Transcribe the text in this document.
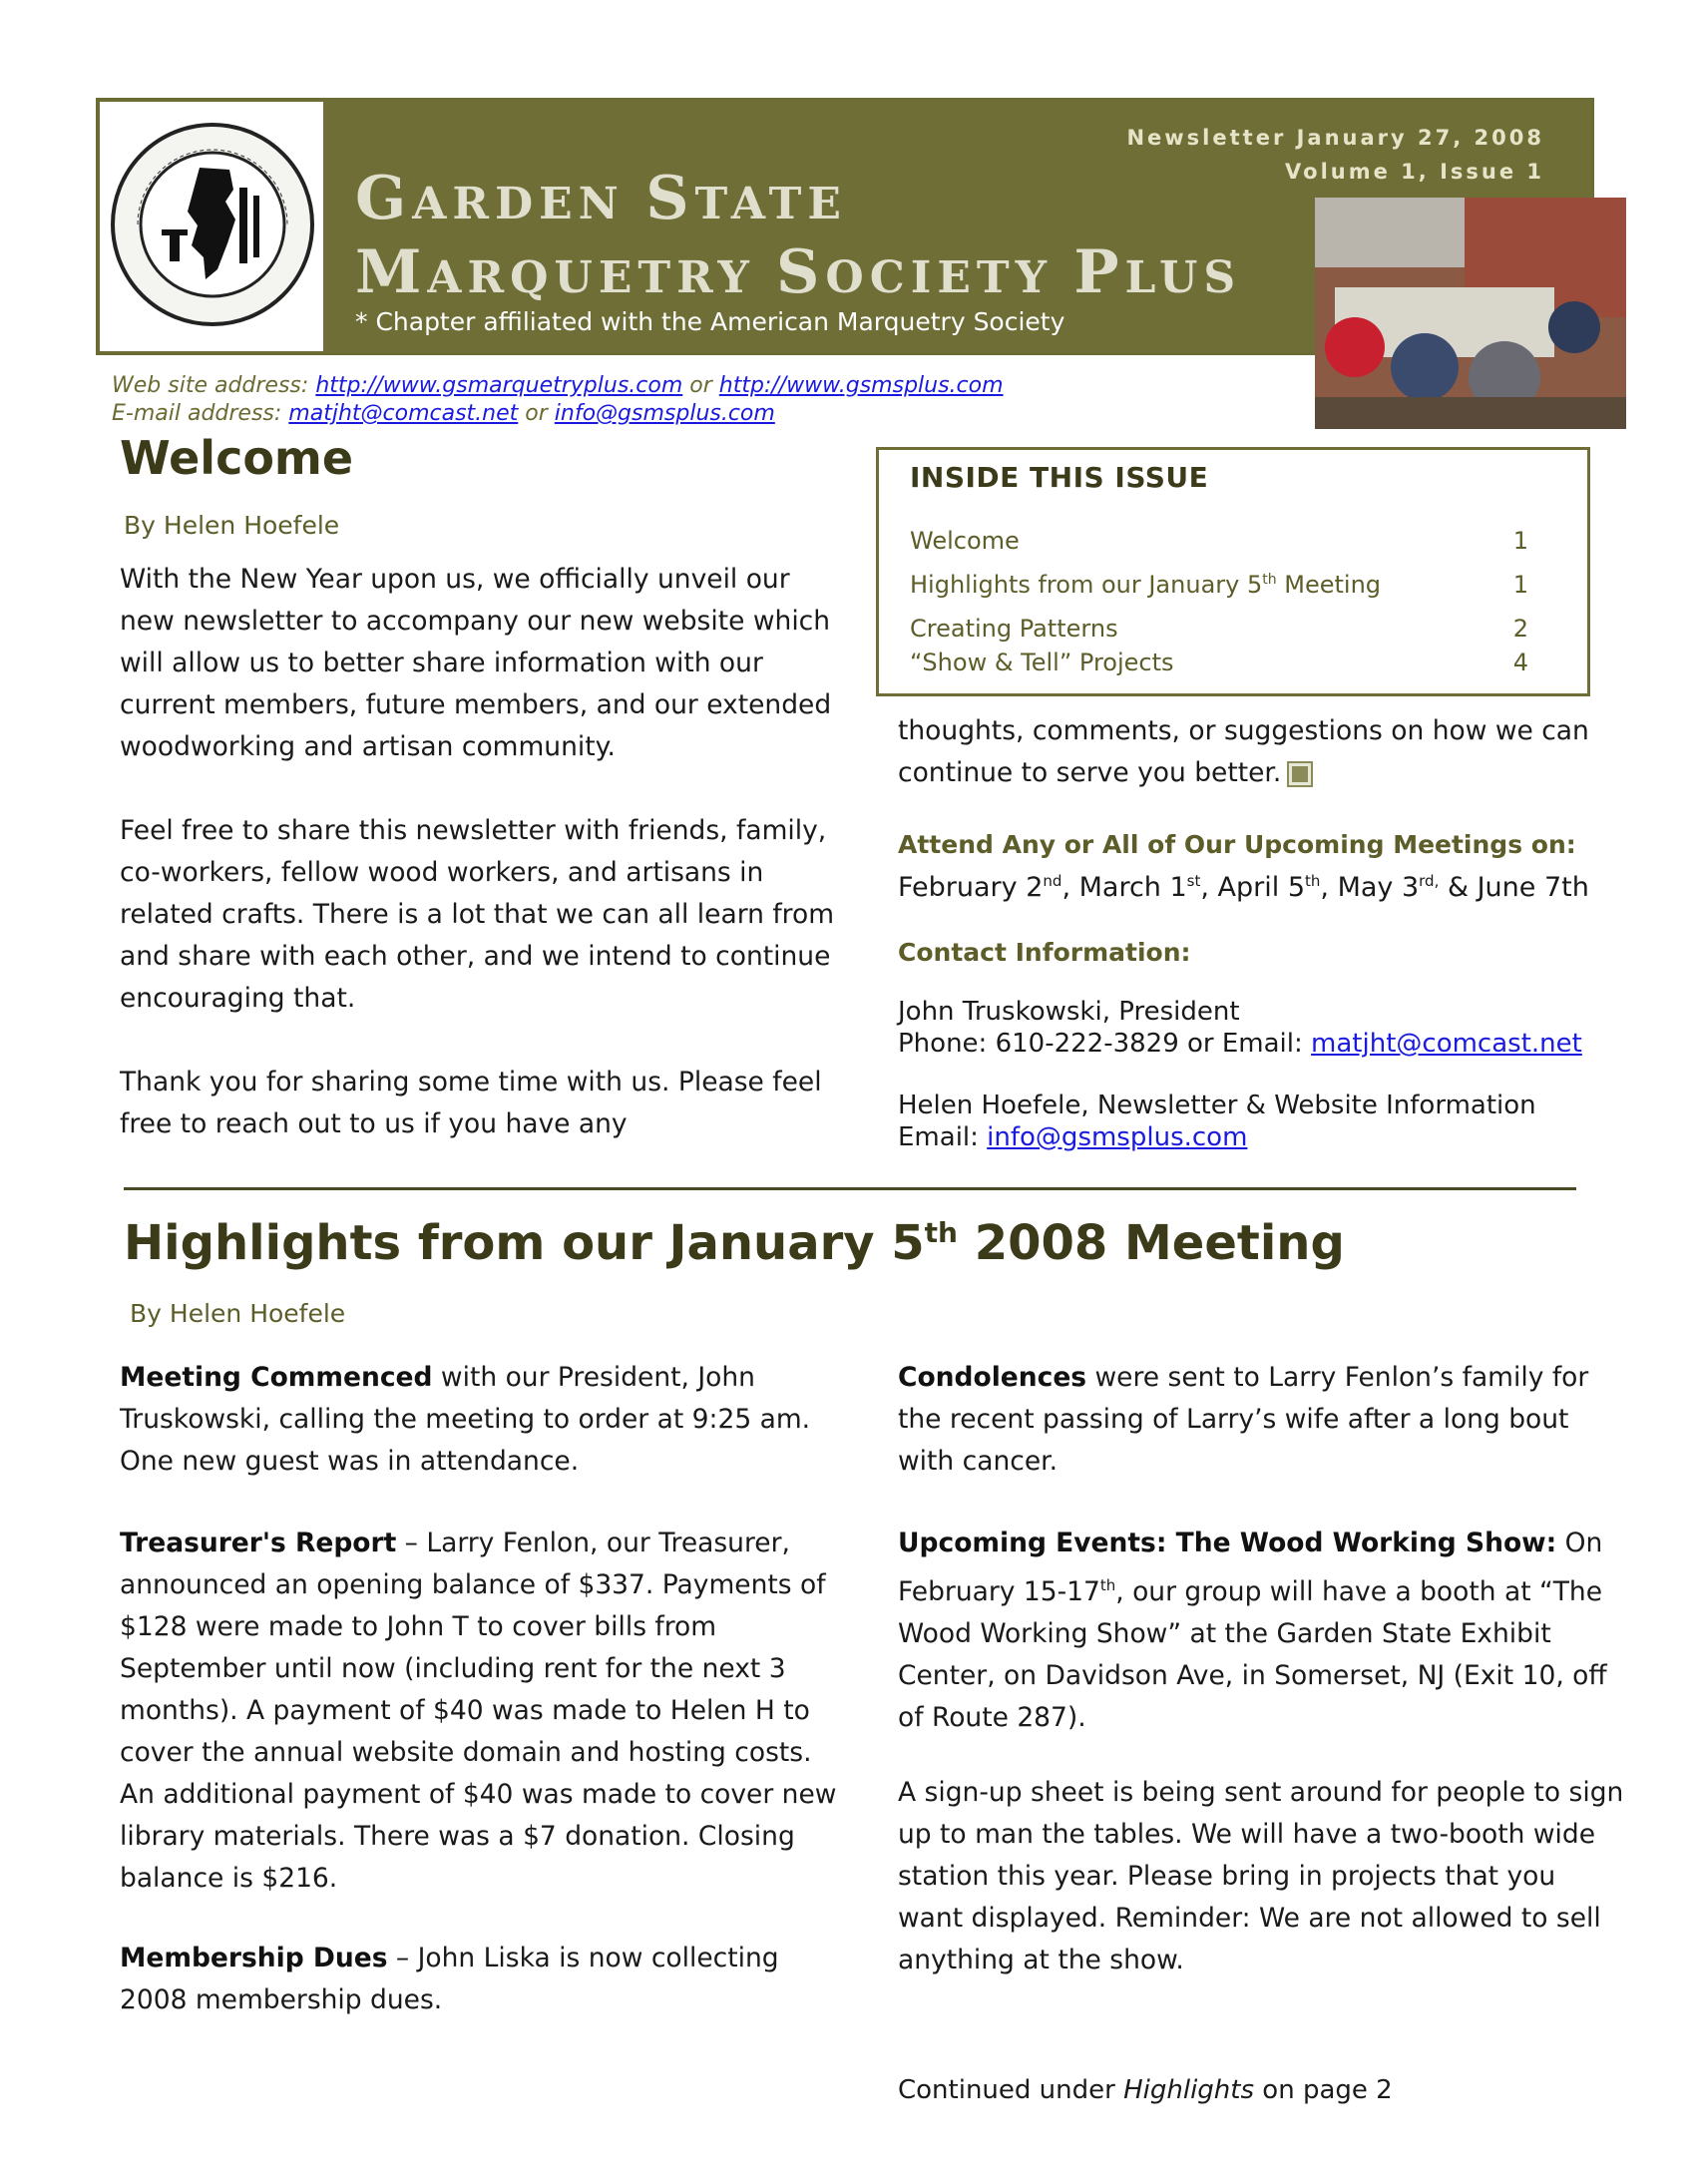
Newsletter January 27, 2008
Volume 1, Issue 1
GARDEN STATE
MARQUETRY SOCIETY PLUS
* Chapter affiliated with the American Marquetry Society
Web site address: http://www.gsmarquetryplus.com or http://www.gsmsplus.com
E-mail address: matjht@comcast.net or info@gsmsplus.com
Welcome
By Helen Hoefele
With the New Year upon us, we officially unveil our new newsletter to accompany our new website which will allow us to better share information with our current members, future members, and our extended woodworking and artisan community.
Feel free to share this newsletter with friends, family, co-workers, fellow wood workers, and artisans in related crafts. There is a lot that we can all learn from and share with each other, and we intend to continue encouraging that.
Thank you for sharing some time with us. Please feel free to reach out to us if you have any
INSIDE THIS ISSUE
Welcome	1
Highlights from our January 5th Meeting	1
Creating Patterns	2
“Show & Tell” Projects	4
thoughts, comments, or suggestions on how we can continue to serve you better.
Attend Any or All of Our Upcoming Meetings on:
February 2nd, March 1st, April 5th, May $3^{rd,}$ & June 7th
Contact Information:
John Truskowski, President
Phone: 610-222-3829 or Email: matjht@comcast.net
Helen Hoefele, Newsletter & Website Information
Email: info@gsmsplus.com
Highlights from our January 5th 2008 Meeting
By Helen Hoefele
Meeting Commenced with our President, John Truskowski, calling the meeting to order at 9:25 am. One new guest was in attendance.
Treasurer's Report – Larry Fenlon, our Treasurer, announced an opening balance of $337. Payments of $128 were made to John T to cover bills from September until now (including rent for the next 3 months). A payment of $40 was made to Helen H to cover the annual website domain and hosting costs. An additional payment of $40 was made to cover new library materials. There was a $7 donation. Closing balance is $216.
Membership Dues – John Liska is now collecting 2008 membership dues.
Condolences were sent to Larry Fenlon’s family for the recent passing of Larry’s wife after a long bout with cancer.
Upcoming Events: The Wood Working Show: On February 15-17th, our group will have a booth at “The Wood Working Show” at the Garden State Exhibit Center, on Davidson Ave, in Somerset, NJ (Exit 10, off of Route 287).
A sign-up sheet is being sent around for people to sign up to man the tables. We will have a two-booth wide station this year. Please bring in projects that you want displayed. Reminder: We are not allowed to sell anything at the show.
Continued under Highlights on page 2
